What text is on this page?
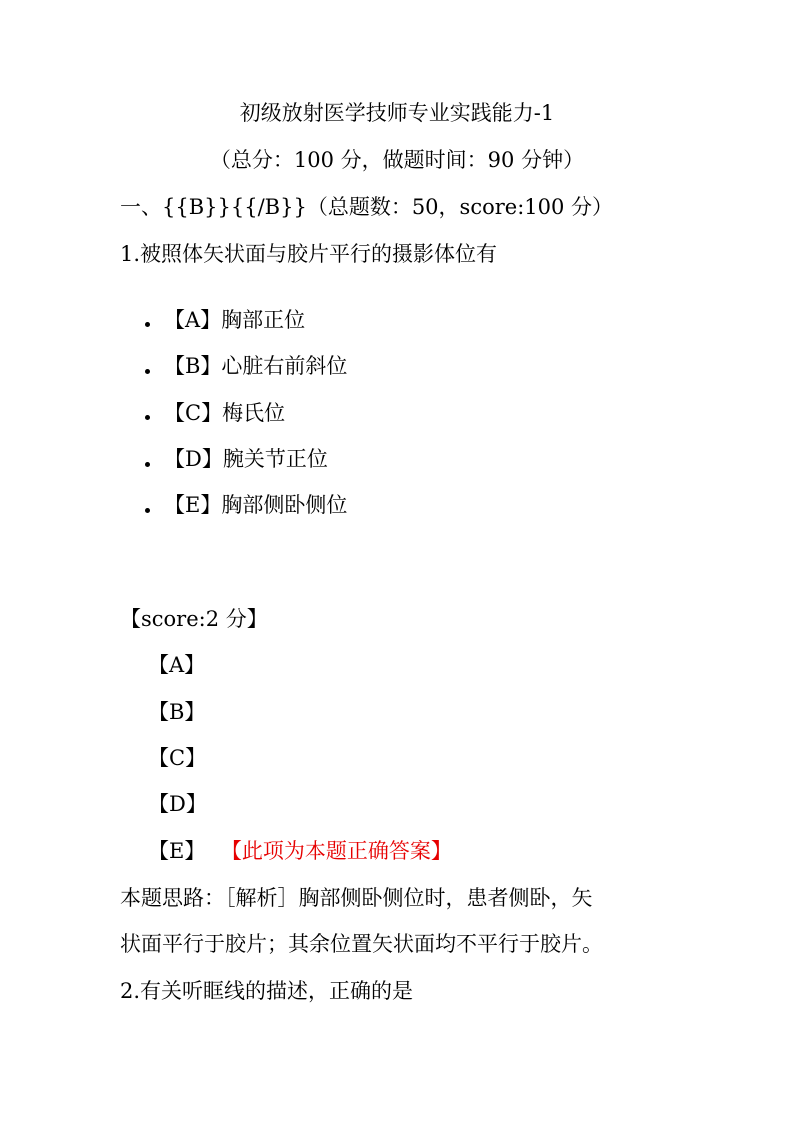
初级放射医学技师专业实践能力-1
（总分：100 分，做题时间：90 分钟）
一、{{B}}{{/B}}（总题数：50，score:100 分）
1.被照体矢状面与胶片平行的摄影体位有
【A】胸部正位
【B】心脏右前斜位
【C】梅氏位
【D】腕关节正位
【E】胸部侧卧侧位
【score:2 分】
【A】
【B】
【C】
【D】
【E】 【此项为本题正确答案】
本题思路：［解析］胸部侧卧侧位时，患者侧卧，矢
状面平行于胶片；其余位置矢状面均不平行于胶片。
2.有关听眶线的描述，正确的是
